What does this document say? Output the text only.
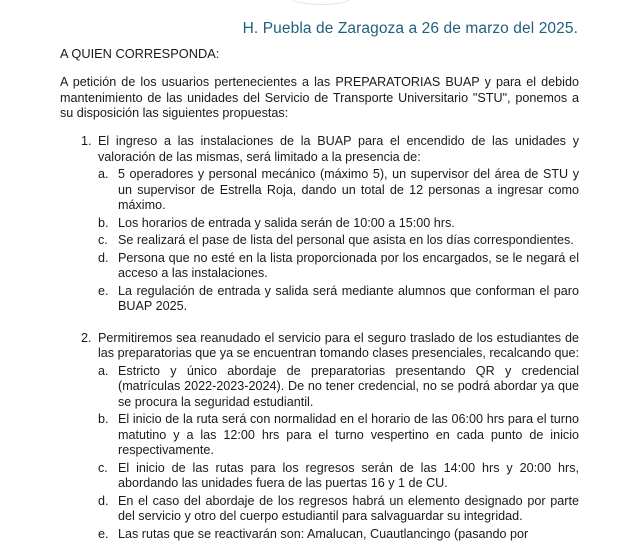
H. Puebla de Zaragoza a 26 de marzo del 2025.
A QUIEN CORRESPONDA:
A petición de los usuarios pertenecientes a las PREPARATORIAS BUAP y para el debido mantenimiento de las unidades del Servicio de Transporte Universitario "STU", ponemos a su disposición las siguientes propuestas:
1. El ingreso a las instalaciones de la BUAP para el encendido de las unidades y valoración de las mismas, será limitado a la presencia de:
a. 5 operadores y personal mecánico (máximo 5), un supervisor del área de STU y un supervisor de Estrella Roja, dando un total de 12 personas a ingresar como máximo.
b. Los horarios de entrada y salida serán de 10:00 a 15:00 hrs.
c. Se realizará el pase de lista del personal que asista en los días correspondientes.
d. Persona que no esté en la lista proporcionada por los encargados, se le negará el acceso a las instalaciones.
e. La regulación de entrada y salida será mediante alumnos que conforman el paro BUAP 2025.
2. Permitiremos sea reanudado el servicio para el seguro traslado de los estudiantes de las preparatorias que ya se encuentran tomando clases presenciales, recalcando que:
a. Estricto y único abordaje de preparatorias presentando QR y credencial (matrículas 2022-2023-2024). De no tener credencial, no se podrá abordar ya que se procura la seguridad estudiantil.
b. El inicio de la ruta será con normalidad en el horario de las 06:00 hrs para el turno matutino y a las 12:00 hrs para el turno vespertino en cada punto de inicio respectivamente.
c. El inicio de las rutas para los regresos serán de las 14:00 hrs y 20:00 hrs, abordando las unidades fuera de las puertas 16 y 1 de CU.
d. En el caso del abordaje de los regresos habrá un elemento designado por parte del servicio y otro del cuerpo estudiantil para salvaguardar su integridad.
e. Las rutas que se reactivarán son: Amalucan, Cuautlancingo (pasando por
